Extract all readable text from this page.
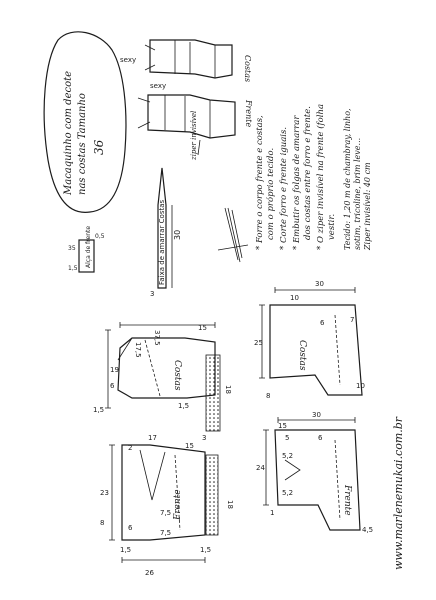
Macaquinho com decote nas costas Tamanho 36
sexy
sexy
Costas
Frente
ziper invisível	* Forre o corpo frente e costas, com o próprio tecido. * Corte forro e frente iguais. * Embutir os folgas de amarrar dos costas entre forro e frente. * O ziper invisível na frente (folha vestir. Tecido: 1,20 m de chambray, linho, sotim, tricoline, brim leve... Ziper invisível: 40 cm
Faixa de amarrar Costas 30
3
Alça de frente
35
0,5
1,5
Costas
37,5
17,5
19
1,5
6
1,5
18
15
3
Frente
26
23
8
7,5
6
7,5
2	15
17
18
1,5	1,5
Costas
30
25
10
6	7
8
10
Frente
30
24
5,2
5,2
6
1
5
4,5
15	www.marlenemukai.com.br
